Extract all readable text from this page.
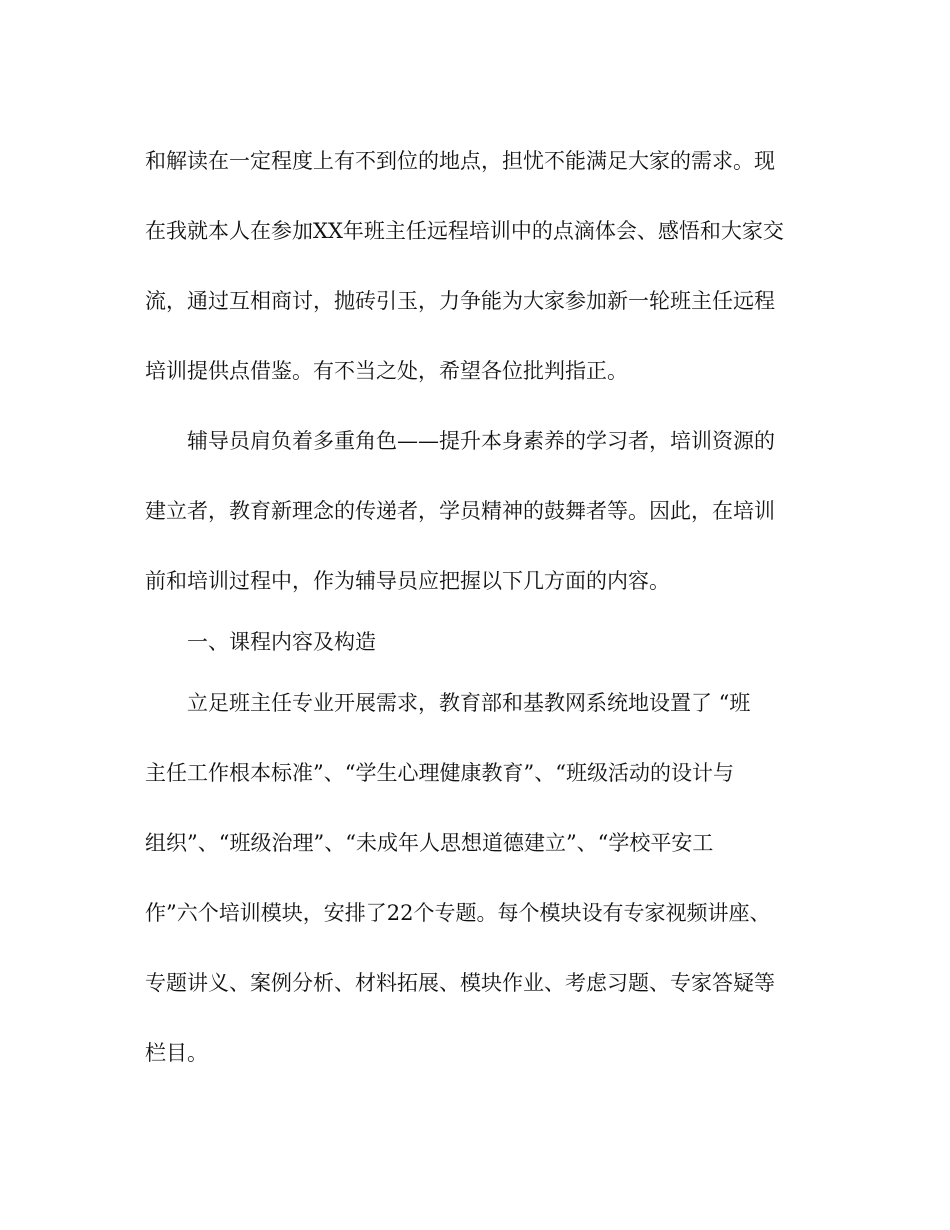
和解读在一定程度上有不到位的地点，担忧不能满足大家的需求。现
在我就本人在参加XX年班主任远程培训中的点滴体会、感悟和大家交
流，通过互相商讨，抛砖引玉，力争能为大家参加新一轮班主任远程
培训提供点借鉴。有不当之处，希望各位批判指正。
辅导员肩负着多重角色——提升本身素养的学习者，培训资源的
建立者，教育新理念的传递者，学员精神的鼓舞者等。因此，在培训
前和培训过程中，作为辅导员应把握以下几方面的内容。
一、课程内容及构造
立足班主任专业开展需求，教育部和基教网系统地设置了 “班
主任工作根本标准”、“学生心理健康教育”、“班级活动的设计与
组织”、“班级治理”、“未成年人思想道德建立”、“学校平安工
作”六个培训模块，安排了22个专题。每个模块设有专家视频讲座、
专题讲义、案例分析、材料拓展、模块作业、考虑习题、专家答疑等
栏目。
